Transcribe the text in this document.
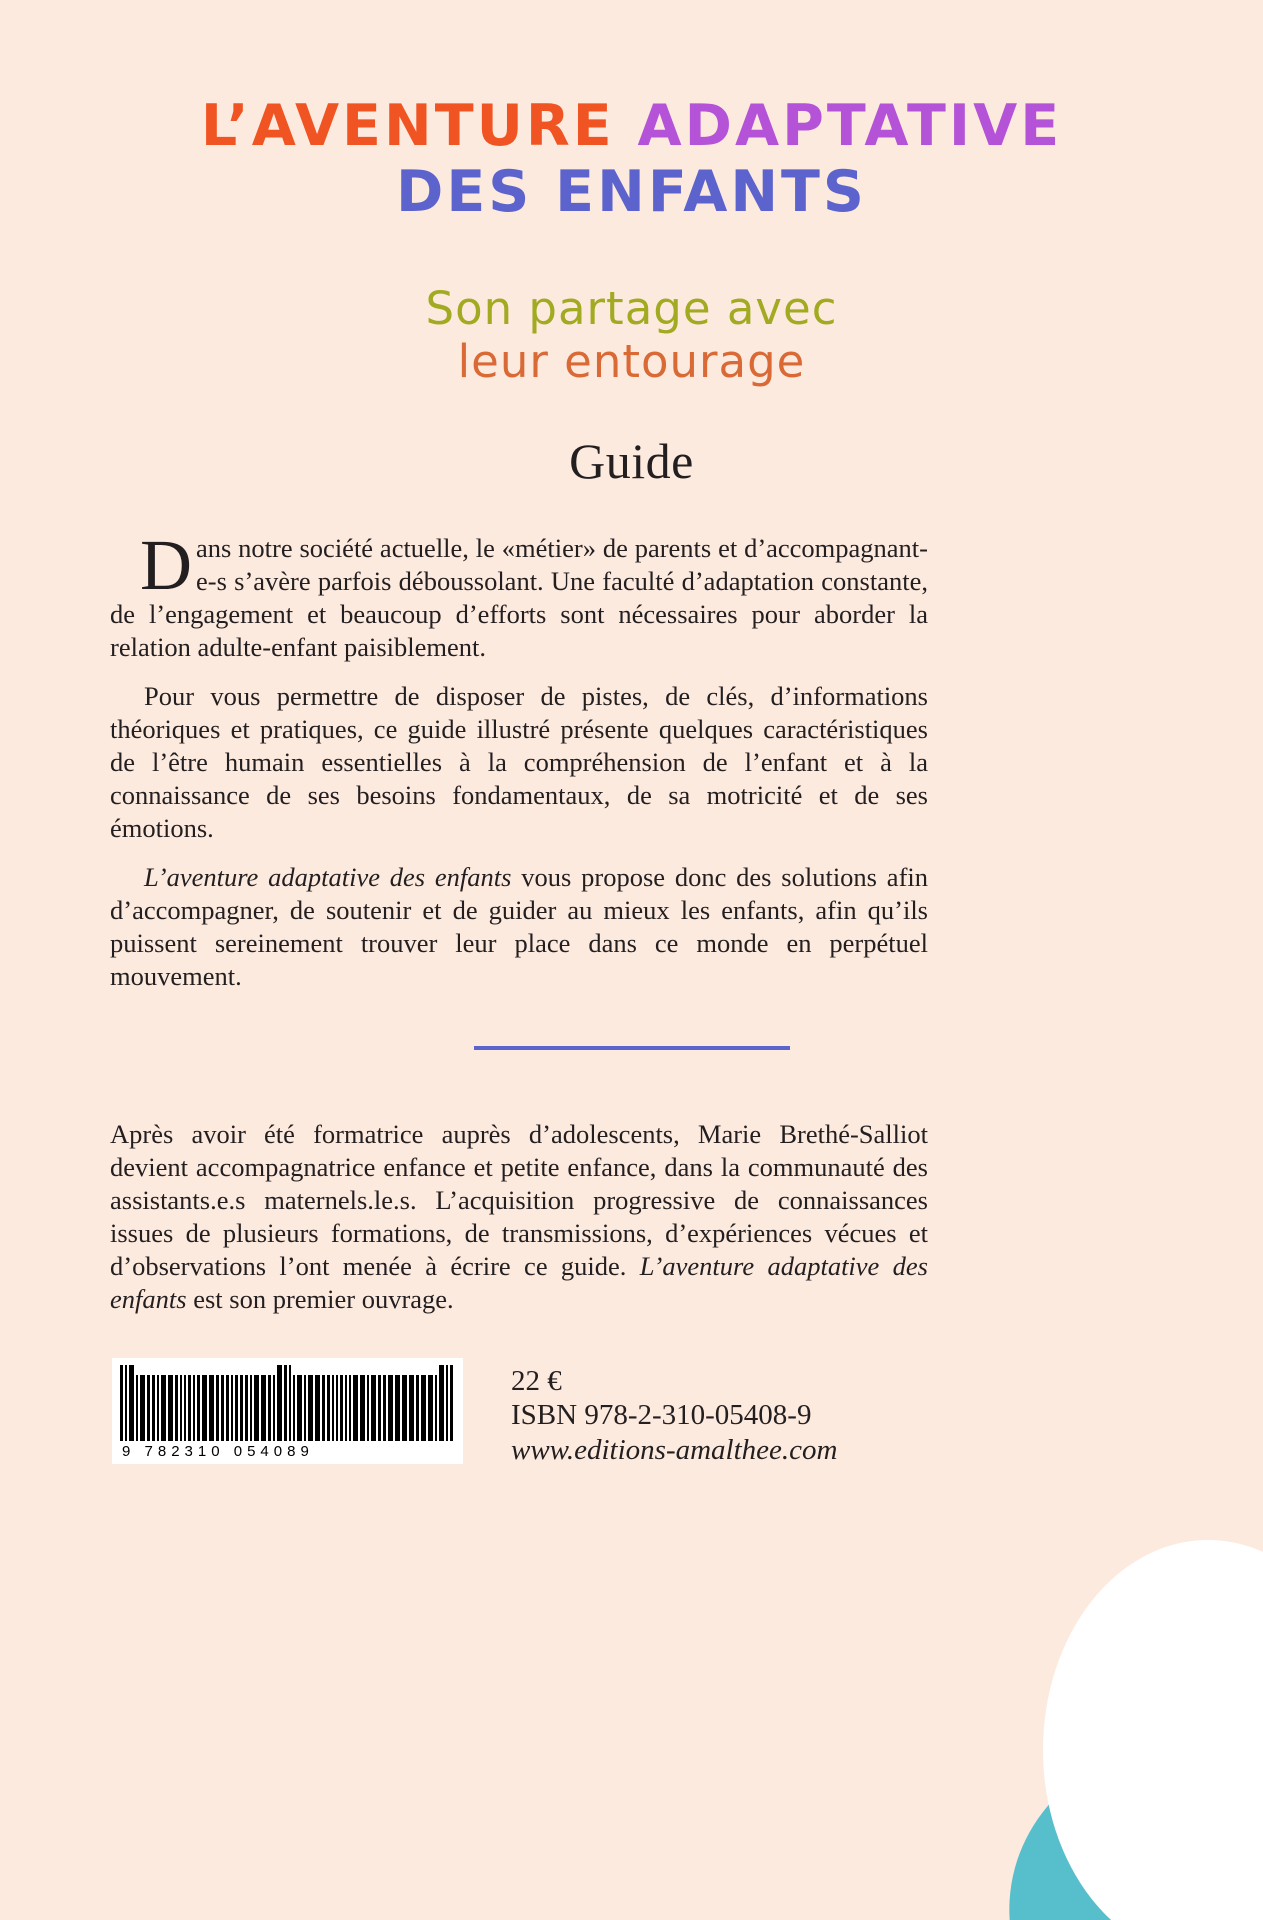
L’AVENTURE ADAPTATIVE
DES ENFANTS
Son partage avec
leur entourage
Guide

Dans notre société actuelle, le «métier» de parents et d’accompagnant-e-s s’avère parfois déboussolant. Une faculté d’adaptation constante, de l’engagement et beaucoup d’efforts sont nécessaires pour aborder la relation adulte-enfant paisiblement.

Pour vous permettre de disposer de pistes, de clés, d’informations théoriques et pratiques, ce guide illustré présente quelques caractéristiques de l’être humain essentielles à la compréhension de l’enfant et à la connaissance de ses besoins fondamentaux, de sa motricité et de ses émotions.

L’aventure adaptative des enfants vous propose donc des solutions afin d’accompagner, de soutenir et de guider au mieux les enfants, afin qu’ils puissent sereinement trouver leur place dans ce monde en perpétuel mouvement.

Après avoir été formatrice auprès d’adolescents, Marie Brethé-Salliot devient accompagnatrice enfance et petite enfance, dans la communauté des assistants.e.s maternels.le.s. L’acquisition progressive de connaissances issues de plusieurs formations, de transmissions, d’expériences vécues et d’observations l’ont menée à écrire ce guide. L’aventure adaptative des enfants est son premier ouvrage.

9 782310 054089
22 €
ISBN 978-2-310-05408-9
www.editions-amalthee.com
